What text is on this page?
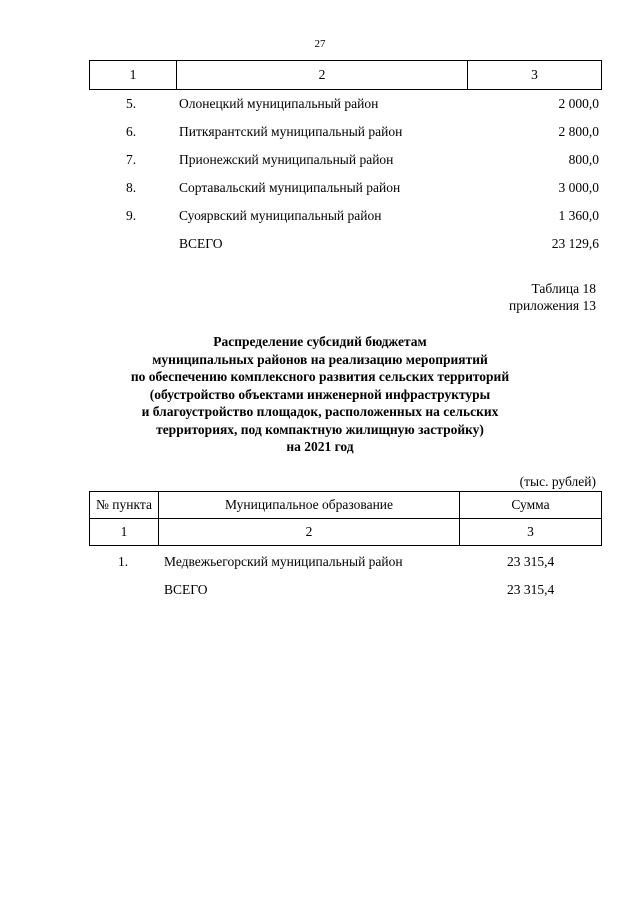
27
1	2	3
5.	Олонецкий муниципальный район	2 000,0
6.	Питкярантский муниципальный район	2 800,0
7.	Прионежский муниципальный район	800,0
8.	Сортавальский муниципальный район	3 000,0
9.	Суоярвский муниципальный район	1 360,0
ВСЕГО	23 129,6
Таблица 18
приложения 13
Распределение субсидий бюджетам
муниципальных районов на реализацию мероприятий
по обеспечению комплексного развития сельских территорий
(обустройство объектами инженерной инфраструктуры
и благоустройство площадок, расположенных на сельских
территориях, под компактную жилищную застройку)
на 2021 год
(тыс. рублей)
№ пункта	Муниципальное образование	Сумма
1	2	3
1.	Медвежьегорский муниципальный район	23 315,4
ВСЕГО	23 315,4
